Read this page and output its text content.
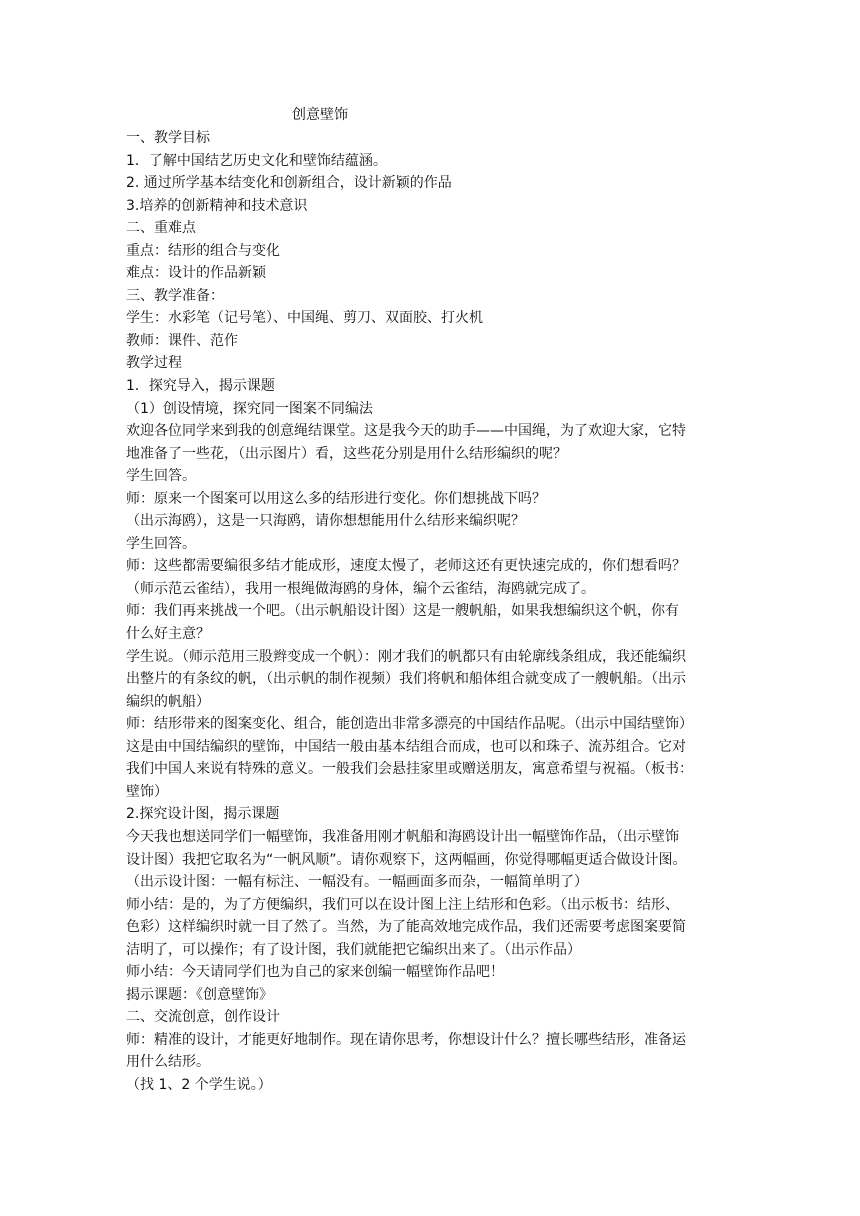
创意壁饰
一、教学目标
1．了解中国结艺历史文化和壁饰结蕴涵。
2. 通过所学基本结变化和创新组合，设计新颖的作品
3.培养的创新精神和技术意识
二、重难点
重点：结形的组合与变化
难点：设计的作品新颖
三、教学准备：
学生：水彩笔（记号笔）、中国绳、剪刀、双面胶、打火机
教师：课件、范作
教学过程
1．探究导入，揭示课题
（1）创设情境，探究同一图案不同编法
欢迎各位同学来到我的创意绳结课堂。这是我今天的助手——中国绳，为了欢迎大家，它特
地准备了一些花，（出示图片）看，这些花分别是用什么结形编织的呢？
学生回答。
师：原来一个图案可以用这么多的结形进行变化。你们想挑战下吗？
（出示海鸥），这是一只海鸥，请你想想能用什么结形来编织呢？
学生回答。
师：这些都需要编很多结才能成形，速度太慢了，老师这还有更快速完成的，你们想看吗？
（师示范云雀结），我用一根绳做海鸥的身体，编个云雀结，海鸥就完成了。
师：我们再来挑战一个吧。（出示帆船设计图）这是一艘帆船，如果我想编织这个帆，你有
什么好主意？
学生说。（师示范用三股辫变成一个帆）：刚才我们的帆都只有由轮廓线条组成，我还能编织
出整片的有条纹的帆，（出示帆的制作视频）我们将帆和船体组合就变成了一艘帆船。（出示
编织的帆船）
师：结形带来的图案变化、组合，能创造出非常多漂亮的中国结作品呢。（出示中国结壁饰）
这是由中国结编织的壁饰，中国结一般由基本结组合而成，也可以和珠子、流苏组合。它对
我们中国人来说有特殊的意义。一般我们会悬挂家里或赠送朋友，寓意希望与祝福。（板书：
壁饰）
2.探究设计图，揭示课题
今天我也想送同学们一幅壁饰，我准备用刚才帆船和海鸥设计出一幅壁饰作品，（出示壁饰
设计图）我把它取名为“一帆风顺”。请你观察下，这两幅画，你觉得哪幅更适合做设计图。
（出示设计图：一幅有标注、一幅没有。一幅画面多而杂，一幅简单明了）
师小结：是的，为了方便编织，我们可以在设计图上注上结形和色彩。（出示板书：结形、
色彩）这样编织时就一目了然了。当然，为了能高效地完成作品，我们还需要考虑图案要简
洁明了，可以操作；有了设计图，我们就能把它编织出来了。（出示作品）
师小结：今天请同学们也为自己的家来创编一幅壁饰作品吧！
揭示课题：《创意壁饰》
二、交流创意，创作设计
师：精准的设计，才能更好地制作。现在请你思考，你想设计什么？擅长哪些结形，准备运
用什么结形。
（找 1、2 个学生说。）
